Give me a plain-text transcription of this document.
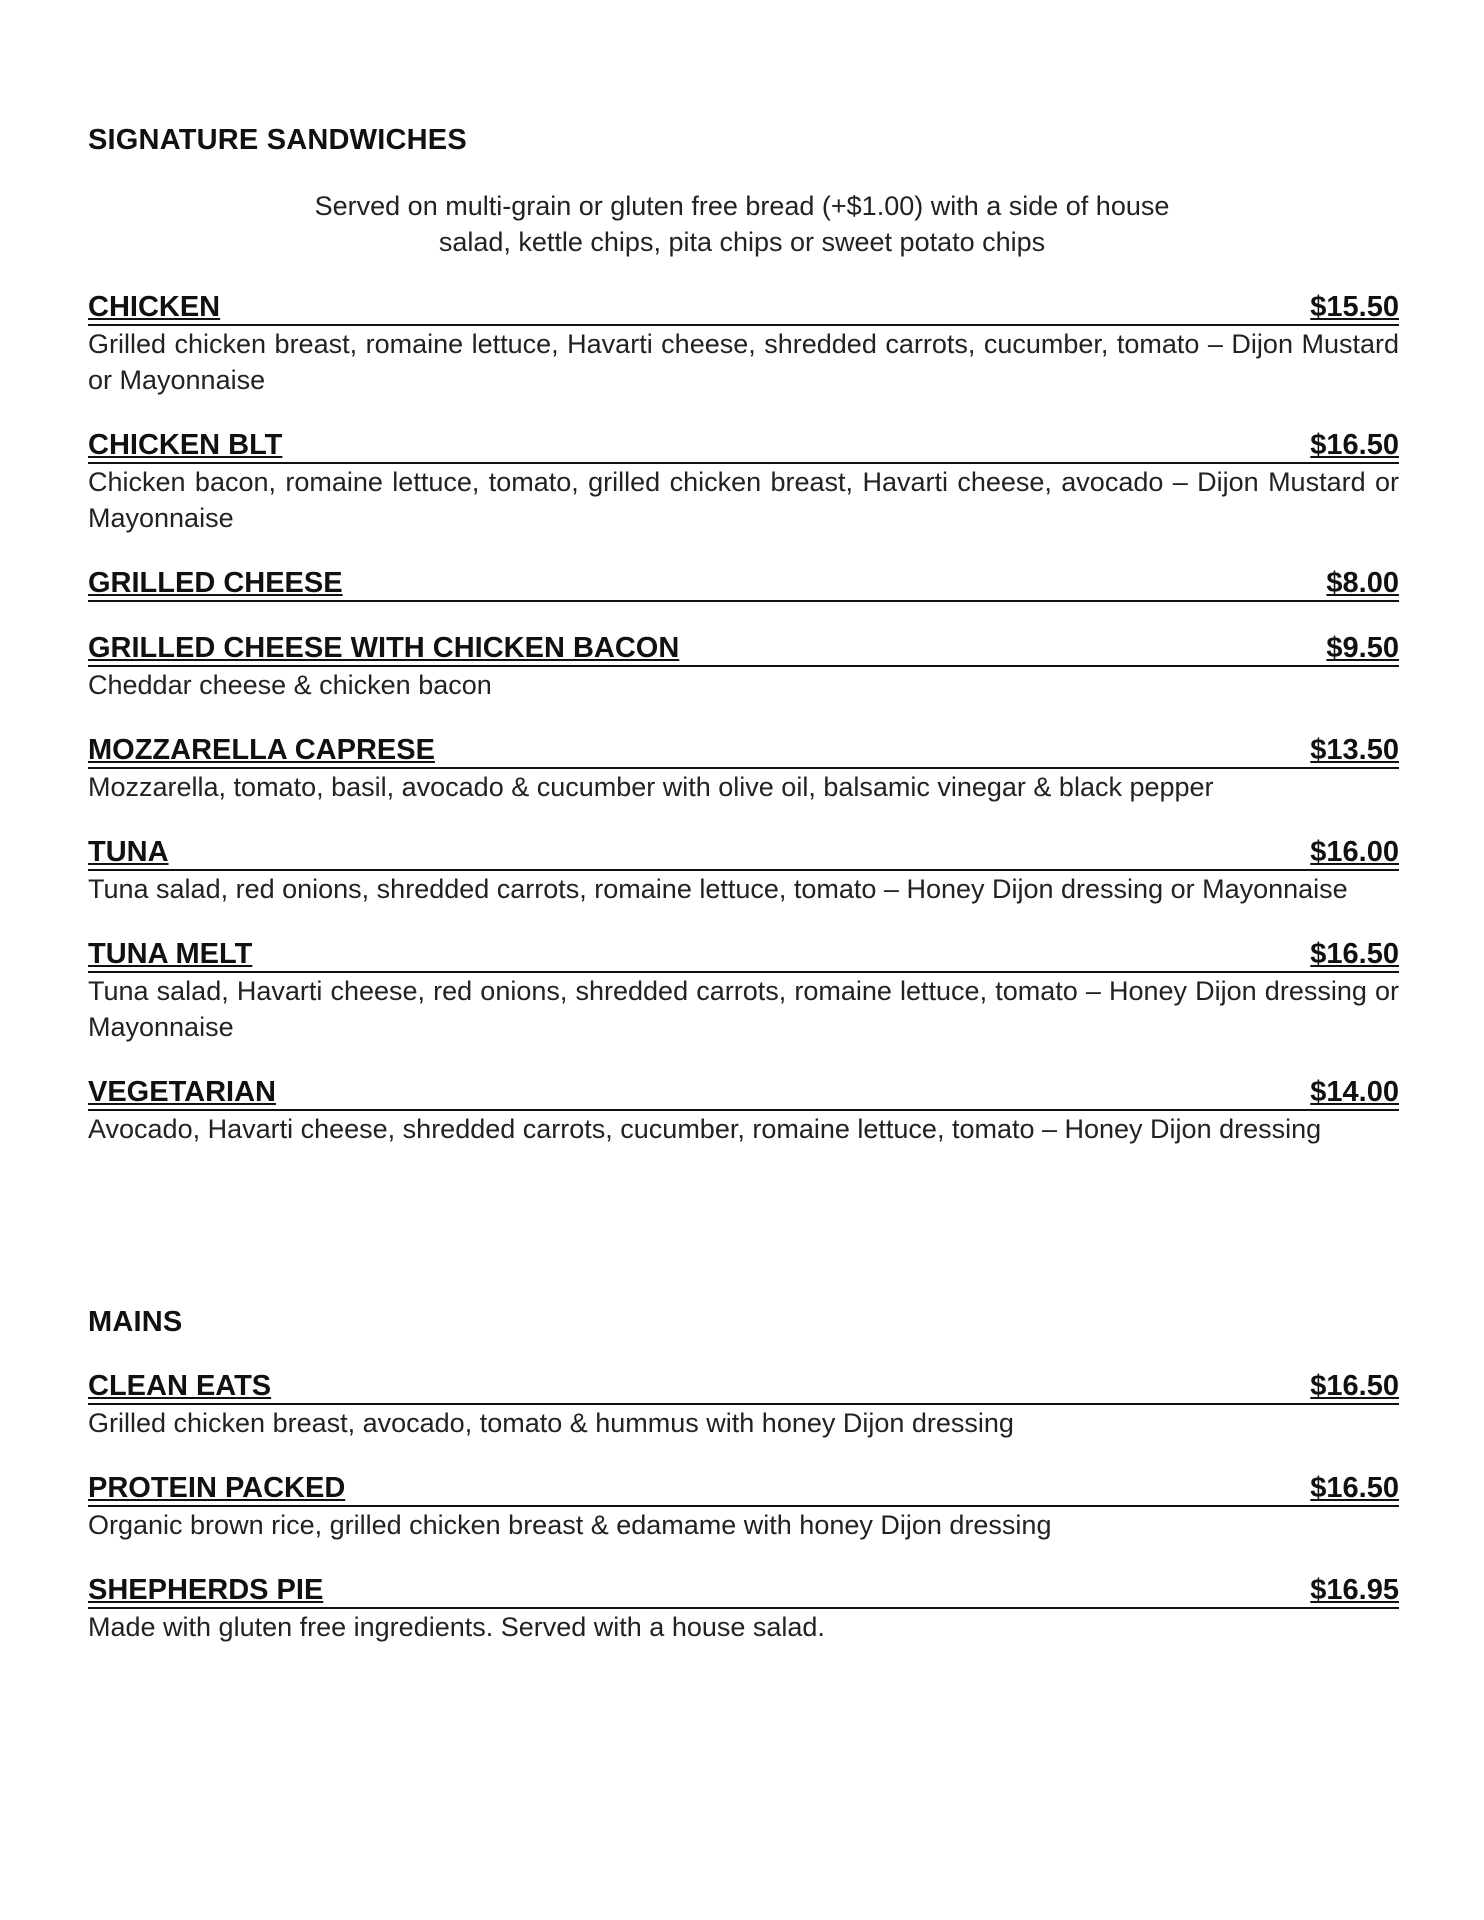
SIGNATURE SANDWICHES

Served on multi-grain or gluten free bread (+$1.00) with a side of house
salad, kettle chips, pita chips or sweet potato chips

CHICKEN	$15.50
Grilled chicken breast, romaine lettuce, Havarti cheese, shredded carrots, cucumber, tomato – Dijon Mustard or Mayonnaise
CHICKEN BLT	$16.50
Chicken bacon, romaine lettuce, tomato, grilled chicken breast, Havarti cheese, avocado – Dijon Mustard or Mayonnaise
GRILLED CHEESE	$8.00
GRILLED CHEESE WITH CHICKEN BACON	$9.50
Cheddar cheese & chicken bacon
MOZZARELLA CAPRESE	$13.50
Mozzarella, tomato, basil, avocado & cucumber with olive oil, balsamic vinegar & black pepper
TUNA	$16.00
Tuna salad, red onions, shredded carrots, romaine lettuce, tomato – Honey Dijon dressing or Mayonnaise
TUNA MELT	$16.50
Tuna salad, Havarti cheese, red onions, shredded carrots, romaine lettuce, tomato – Honey Dijon dressing or Mayonnaise
VEGETARIAN	$14.00
Avocado, Havarti cheese, shredded carrots, cucumber, romaine lettuce, tomato – Honey Dijon dressing
MAINS
CLEAN EATS	$16.50
Grilled chicken breast, avocado, tomato & hummus with honey Dijon dressing
PROTEIN PACKED	$16.50
Organic brown rice, grilled chicken breast & edamame with honey Dijon dressing
SHEPHERDS PIE	$16.95
Made with gluten free ingredients. Served with a house salad.
